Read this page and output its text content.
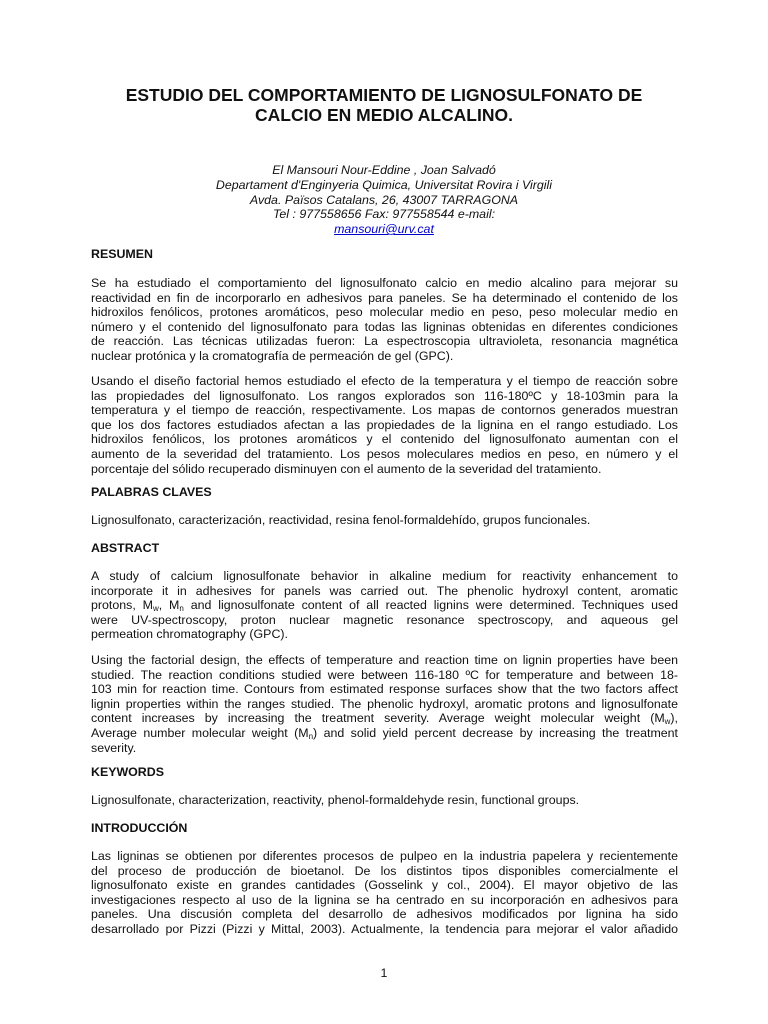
ESTUDIO DEL COMPORTAMIENTO DE LIGNOSULFONATO DE
CALCIO EN MEDIO ALCALINO.
El Mansouri Nour-Eddine , Joan Salvadó
Departament d'Enginyeria Quimica, Universitat Rovira i Virgili
Avda. Països Catalans, 26, 43007 TARRAGONA
Tel : 977558656 Fax: 977558544 e-mail:
mansouri@urv.cat
RESUMEN
Se ha estudiado el comportamiento del lignosulfonato calcio en medio alcalino para mejorar su
reactividad en fin de incorporarlo en adhesivos para paneles. Se ha determinado el contenido de los
hidroxilos fenólicos, protones aromáticos, peso molecular medio en peso, peso molecular medio en
número y el contenido del lignosulfonato para todas las ligninas obtenidas en diferentes condiciones
de reacción. Las técnicas utilizadas fueron: La espectroscopia ultravioleta, resonancia magnética
nuclear protónica y la cromatografía de permeación de gel (GPC).
Usando el diseño factorial hemos estudiado el efecto de la temperatura y el tiempo de reacción sobre
las propiedades del lignosulfonato. Los rangos explorados son 116-180ºC y 18-103min para la
temperatura y el tiempo de reacción, respectivamente. Los mapas de contornos generados muestran
que los dos factores estudiados afectan a las propiedades de la lignina en el rango estudiado. Los
hidroxilos fenólicos, los protones aromáticos y el contenido del lignosulfonato aumentan con el
aumento de la severidad del tratamiento. Los pesos moleculares medios en peso, en número y el
porcentaje del sólido recuperado disminuyen con el aumento de la severidad del tratamiento.
PALABRAS CLAVES
Lignosulfonato, caracterización, reactividad, resina fenol-formaldehído, grupos funcionales.
ABSTRACT
A study of calcium lignosulfonate behavior in alkaline medium for reactivity enhancement to
incorporate it in adhesives for panels was carried out. The phenolic hydroxyl content, aromatic
protons, $M_w$, $M_n$ and lignosulfonate content of all reacted lignins were determined. Techniques used
were UV-spectroscopy, proton nuclear magnetic resonance spectroscopy, and aqueous gel
permeation chromatography (GPC).
Using the factorial design, the effects of temperature and reaction time on lignin properties have been
studied. The reaction conditions studied were between 116-180 ºC for temperature and between 18-
103 min for reaction time. Contours from estimated response surfaces show that the two factors affect
lignin properties within the ranges studied. The phenolic hydroxyl, aromatic protons and lignosulfonate
content increases by increasing the treatment severity. Average weight molecular weight $(M_w)$,
Average number molecular weight $(M_n)$ and solid yield percent decrease by increasing the treatment
severity.
KEYWORDS
Lignosulfonate, characterization, reactivity, phenol-formaldehyde resin, functional groups.
INTRODUCCIÓN
Las ligninas se obtienen por diferentes procesos de pulpeo en la industria papelera y recientemente
del proceso de producción de bioetanol. De los distintos tipos disponibles comercialmente el
lignosulfonato existe en grandes cantidades (Gosselink y col., 2004). El mayor objetivo de las
investigaciones respecto al uso de la lignina se ha centrado en su incorporación en adhesivos para
paneles. Una discusión completa del desarrollo de adhesivos modificados por lignina ha sido
desarrollado por Pizzi (Pizzi y Mittal, 2003). Actualmente, la tendencia para mejorar el valor añadido
1
